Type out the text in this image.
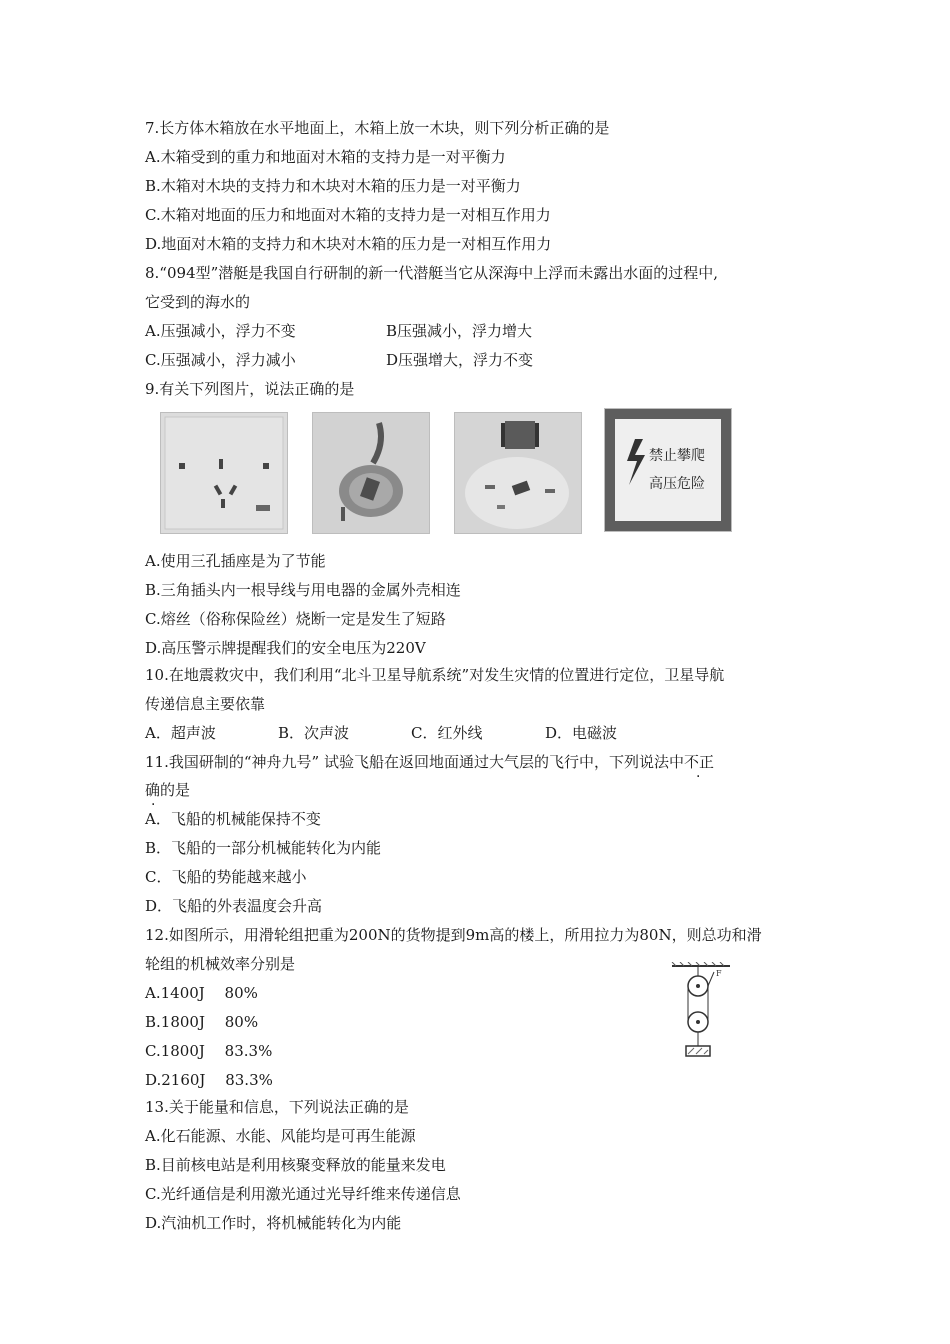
7.长方体木箱放在水平地面上，木箱上放一木块，则下列分析正确的是
A.木箱受到的重力和地面对木箱的支持力是一对平衡力
B.木箱对木块的支持力和木块对木箱的压力是一对平衡力
C.木箱对地面的压力和地面对木箱的支持力是一对相互作用力
D.地面对木箱的支持力和木块对木箱的压力是一对相互作用力
8.“094型”潜艇是我国自行研制的新一代潜艇当它从深海中上浮而未露出水面的过程中,
它受到的海水的
A.压强减小，浮力不变	B压强减小，浮力增大
C.压强减小，浮力减小	D压强增大，浮力不变
9.有关下列图片，说法正确的是
禁止攀爬
高压危险
A.使用三孔插座是为了节能
B.三角插头内一根导线与用电器的金属外壳相连
C.熔丝（俗称保险丝）烧断一定是发生了短路
D.高压警示牌提醒我们的安全电压为220V
10.在地震救灾中，我们利用“北斗卫星导航系统”对发生灾情的位置进行定位，卫星导航
传递信息主要依靠
A．超声波	B．次声波	C．红外线	D．电磁波
11.我国研制的“神舟九号” 试验飞船在返回地面通过大气层的飞行中，下列说法中不正
确的是
A．飞船的机械能保持不变
B．飞船的一部分机械能转化为内能
C．飞船的势能越来越小
D．飞船的外表温度会升高
12.如图所示，用滑轮组把重为200N的货物提到9m高的楼上，所用拉力为80N，则总功和滑
轮组的机械效率分别是
A.1400J　 80%
B.1800J　 80%
C.1800J　 83.3%
D.2160J　 83.3%
F
13.关于能量和信息，下列说法正确的是
A.化石能源、水能、风能均是可再生能源
B.目前核电站是利用核聚变释放的能量来发电
C.光纤通信是利用激光通过光导纤维来传递信息
D.汽油机工作时，将机械能转化为内能
